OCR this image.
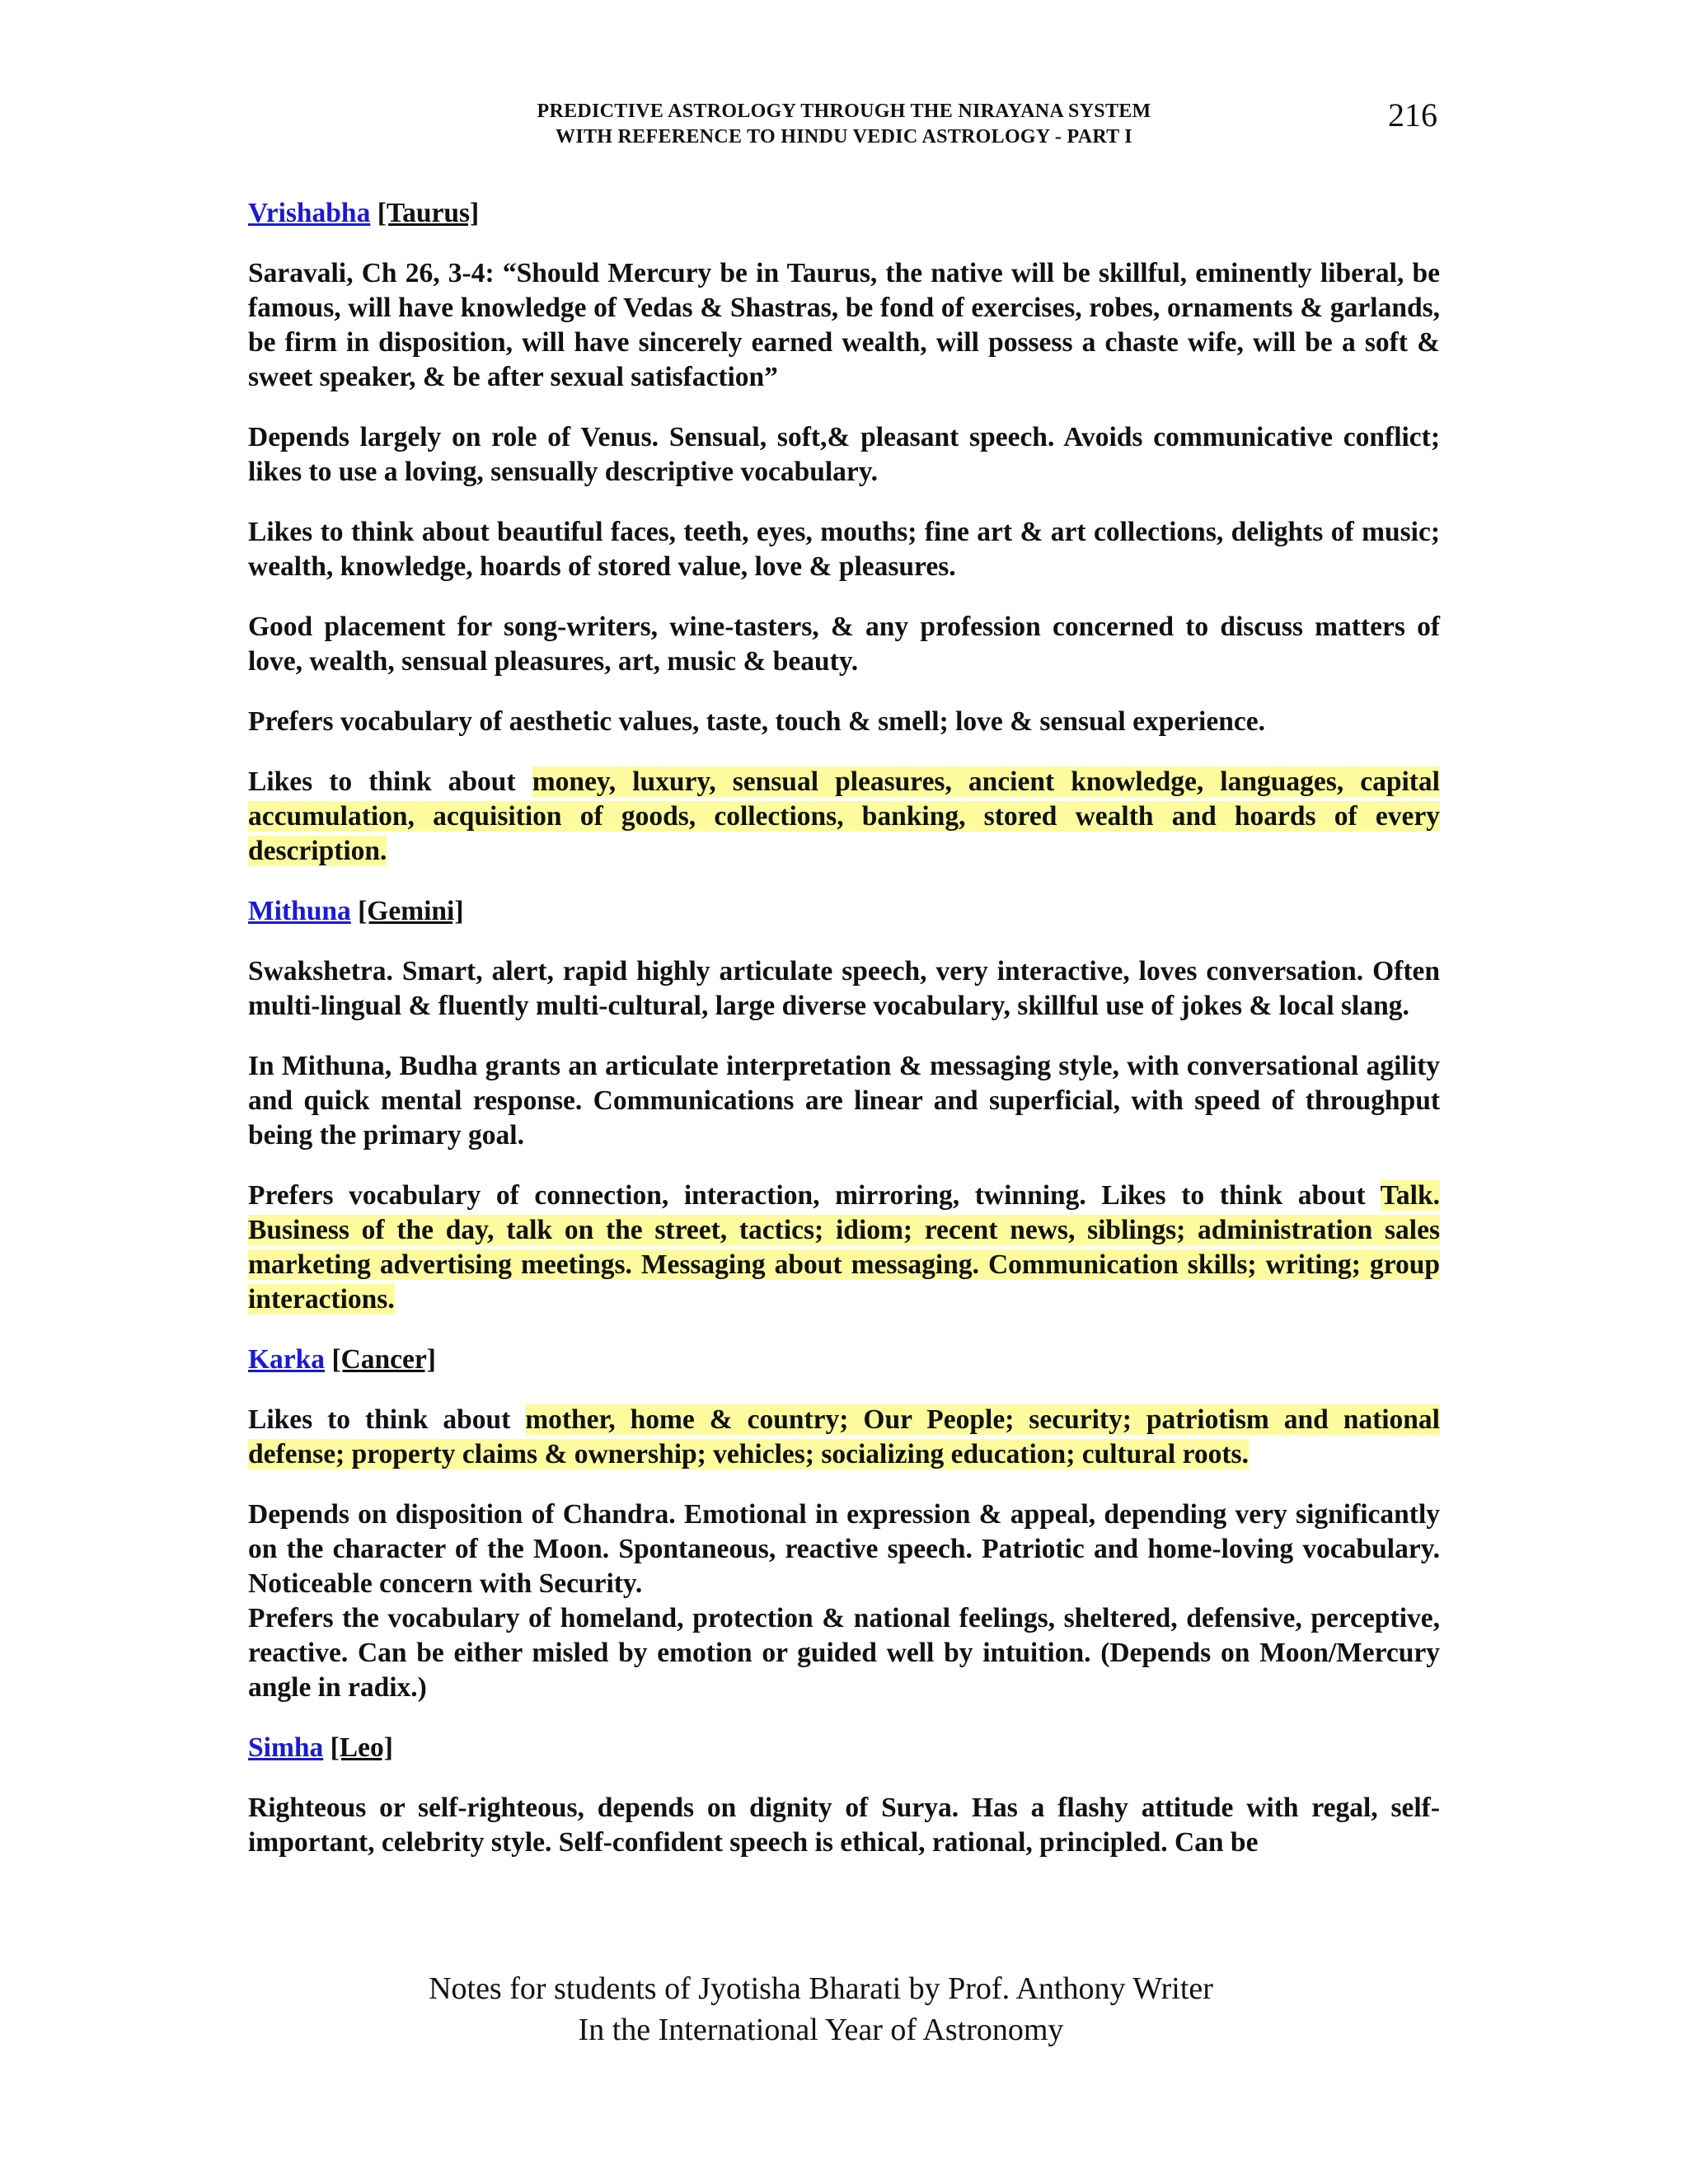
PREDICTIVE ASTROLOGY THROUGH THE NIRAYANA SYSTEM
WITH REFERENCE TO HINDU VEDIC ASTROLOGY - PART I
216
Vrishabha [Taurus]

Saravali, Ch 26, 3-4: “Should Mercury be in Taurus, the native will be skillful, eminently liberal, be famous, will have knowledge of Vedas & Shastras, be fond of exercises, robes, ornaments & garlands, be firm in disposition, will have sincerely earned wealth, will possess a chaste wife, will be a soft & sweet speaker, & be after sexual satisfaction”

Depends largely on role of Venus. Sensual, soft,& pleasant speech. Avoids communicative conflict; likes to use a loving, sensually descriptive vocabulary.

Likes to think about beautiful faces, teeth, eyes, mouths; fine art & art collections, delights of music; wealth, knowledge, hoards of stored value, love & pleasures.

Good placement for song-writers, wine-tasters, & any profession concerned to discuss matters of love, wealth, sensual pleasures, art, music & beauty.

Prefers vocabulary of aesthetic values, taste, touch & smell; love & sensual experience.

Likes to think about money, luxury, sensual pleasures, ancient knowledge, languages, capital accumulation, acquisition of goods, collections, banking, stored wealth and hoards of every description.

Mithuna [Gemini]

Swakshetra. Smart, alert, rapid highly articulate speech, very interactive, loves conversation. Often multi-lingual & fluently multi-cultural, large diverse vocabulary, skillful use of jokes & local slang.

In Mithuna, Budha grants an articulate interpretation & messaging style, with conversational agility and quick mental response. Communications are linear and superficial, with speed of throughput being the primary goal.

Prefers vocabulary of connection, interaction, mirroring, twinning. Likes to think about Talk. Business of the day, talk on the street, tactics; idiom; recent news, siblings; administration sales marketing advertising meetings. Messaging about messaging. Communication skills; writing; group interactions.

Karka [Cancer]

Likes to think about mother, home & country; Our People; security; patriotism and national defense; property claims & ownership; vehicles; socializing education; cultural roots.

Depends on disposition of Chandra. Emotional in expression & appeal, depending very significantly on the character of the Moon. Spontaneous, reactive speech. Patriotic and home-loving vocabulary. Noticeable concern with Security.

Prefers the vocabulary of homeland, protection & national feelings, sheltered, defensive, perceptive, reactive. Can be either misled by emotion or guided well by intuition. (Depends on Moon/Mercury angle in radix.)

Simha [Leo]

Righteous or self-righteous, depends on dignity of Surya. Has a flashy attitude with regal, self-important, celebrity style. Self-confident speech is ethical, rational, principled. Can be

Notes for students of Jyotisha Bharati by Prof. Anthony Writer
In the International Year of Astronomy
